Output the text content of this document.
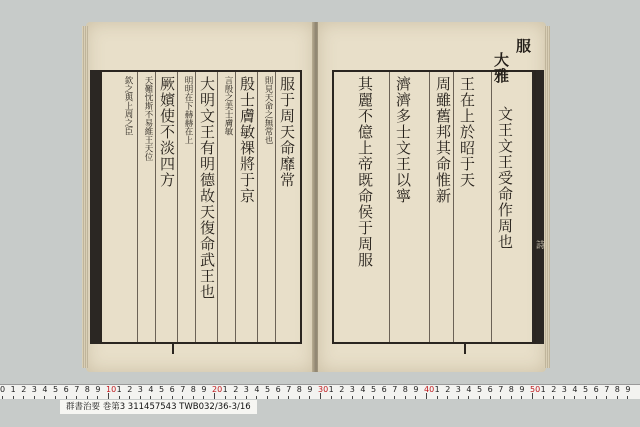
服于周天命靡常
則見天命之無常也
殷士膚敏祼將于京
言殷之美士膚敏
大明文王有明德故天復命武王也
明明在下赫赫在上
厥嬪使不淡四方
天難忱斯不易維王天位
欽之與上周之臣
詩
服
大雅
文王文王受命作周也
王在上於昭于天
周雖舊邦其命惟新
濟濟多士文王以寧
其麗不億上帝既命侯于周服
0 1 2 3 4 5 6 7 8 9 10 1 2 3 4 5 6 7 8 9 20 1 2 3 4 5 6 7 8 9 30 1 2 3 4 5 6 7 8 9 40 1 2 3 4 5 6 7 8 9 50 1 2 3 4 5 6 7 8 9
群書治要 巻第3 311457543 TWB032/36-3/16
